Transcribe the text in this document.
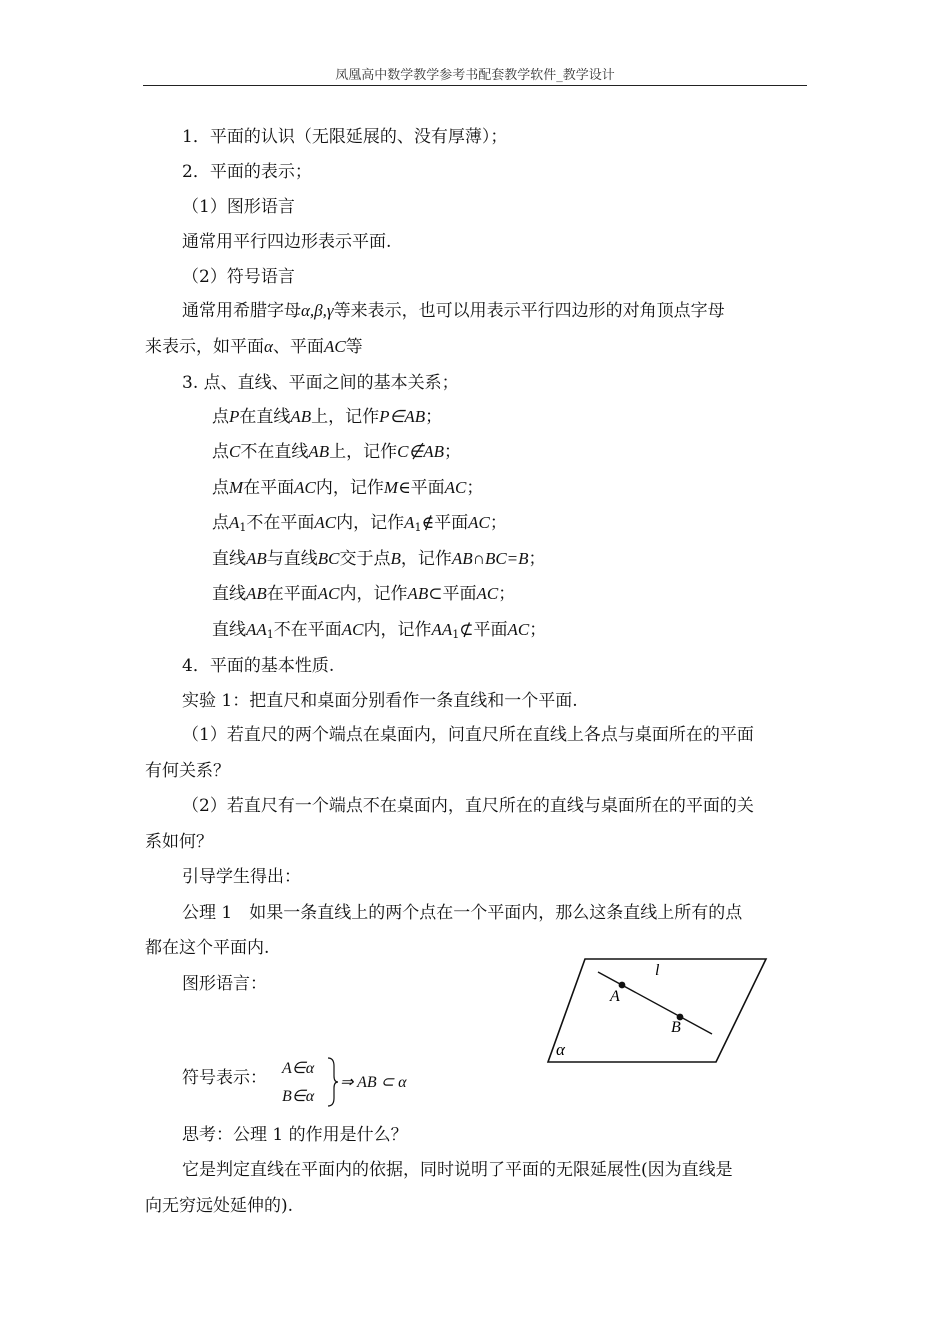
凤凰高中数学教学参考书配套教学软件_教学设计
1．平面的认识（无限延展的、没有厚薄）；
2．平面的表示；
（1）图形语言
通常用平行四边形表示平面.
（2）符号语言
通常用希腊字母α,β,γ等来表示，也可以用表示平行四边形的对角顶点字母
来表示，如平面α、平面AC等
3. 点、直线、平面之间的基本关系；
点P在直线AB上，记作P∈AB；
点C不在直线AB上，记作C∉AB；
点M在平面AC内，记作M∈平面AC；
点$A_1$不在平面AC内，记作$A_1\notin$平面AC；
直线AB与直线BC交于点B，记作AB∩BC=B；
直线AB在平面AC内，记作AB⊂平面AC；
直线$AA_1$不在平面AC内，记作$AA_1⊄$平面AC；
4．平面的基本性质.
实验 1：把直尺和桌面分别看作一条直线和一个平面.
（1）若直尺的两个端点在桌面内，问直尺所在直线上各点与桌面所在的平面
有何关系？
（2）若直尺有一个端点不在桌面内，直尺所在的直线与桌面所在的平面的关
系如何？
引导学生得出：
公理 1　如果一条直线上的两个点在一个平面内，那么这条直线上所有的点
都在这个平面内.
图形语言：
l
A
B
α
符号表示： A∈α
B∈α
⇒ AB ⊂ α
思考：公理 1 的作用是什么？
它是判定直线在平面内的依据，同时说明了平面的无限延展性(因为直线是
向无穷远处延伸的).
